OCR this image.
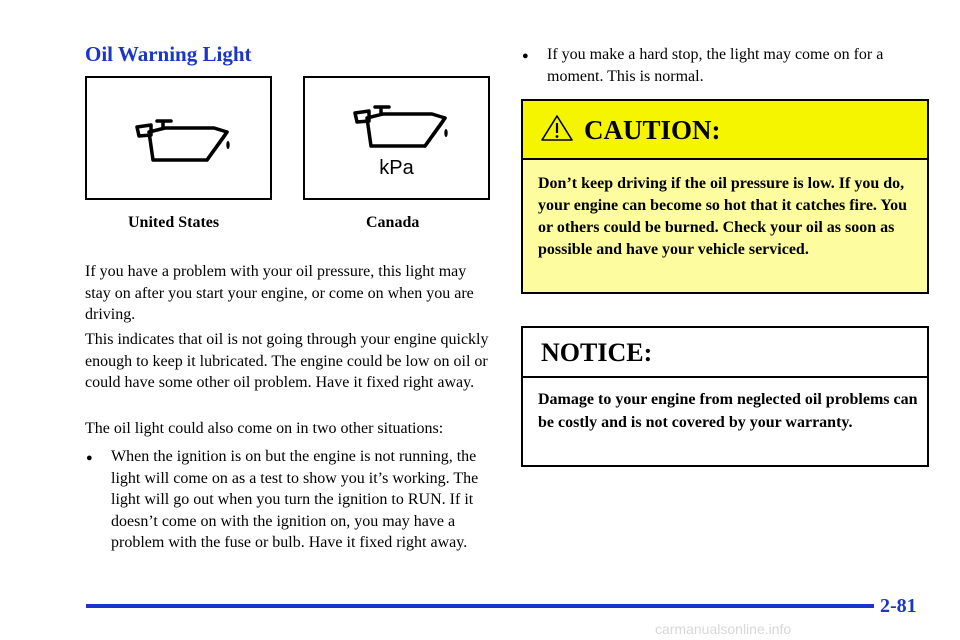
Oil Warning Light
kPa
United States	Canada

If you have a problem with your oil pressure, this light may stay on after you start your engine, or come on when you are driving.

This indicates that oil is not going through your engine quickly enough to keep it lubricated. The engine could be low on oil or could have some other oil problem. Have it fixed right away.

The oil light could also come on in two other situations:

● When the ignition is on but the engine is not running, the light will come on as a test to show you it’s working. The light will go out when you turn the ignition to RUN. If it doesn’t come on with the ignition on, you may have a problem with the fuse or bulb. Have it fixed right away.

● If you make a hard stop, the light may come on for a moment. This is normal.

CAUTION:
Don’t keep driving if the oil pressure is low. If you do, your engine can become so hot that it catches fire. You or others could be burned. Check your oil as soon as possible and have your vehicle serviced.
NOTICE:
Damage to your engine from neglected oil problems can be costly and is not covered by your warranty.
2-81
carmanualsonline.info
